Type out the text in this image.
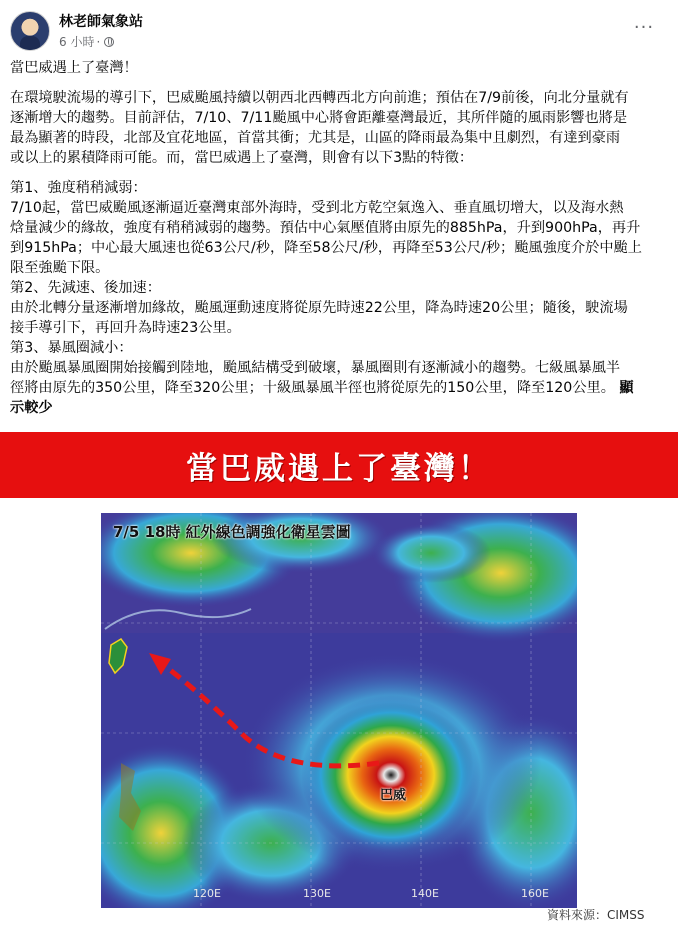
林老師氣象站
6 小時 ·
···

當巴威遇上了臺灣！

在環境駛流場的導引下，巴威颱風持續以朝西北西轉西北方向前進；預估在7/9前後，向北分量就有
逐漸增大的趨勢。目前評估，7/10、7/11颱風中心將會距離臺灣最近，其所伴隨的風雨影響也將是
最為顯著的時段，北部及宜花地區，首當其衝；尤其是，山區的降雨最為集中且劇烈，有達到豪雨
或以上的累積降雨可能。而，當巴威遇上了臺灣，則會有以下3點的特徵：

第1、強度稍稍減弱：
7/10起，當巴威颱風逐漸逼近臺灣東部外海時，受到北方乾空氣逸入、垂直風切增大，以及海水熱
焓量減少的緣故，強度有稍稍減弱的趨勢。預估中心氣壓值將由原先的885hPa，升到900hPa，再升
到915hPa；中心最大風速也從63公尺/秒，降至58公尺/秒，再降至53公尺/秒；颱風強度介於中颱上
限至強颱下限。
第2、先減速、後加速：
由於北轉分量逐漸增加緣故，颱風運動速度將從原先時速22公里，降為時速20公里；隨後，駛流場
接手導引下，再回升為時速23公里。
第3、暴風圈減小：
由於颱風暴風圈開始接觸到陸地，颱風結構受到破壞，暴風圈則有逐漸減小的趨勢。七級風暴風半
徑將由原先的350公里，降至320公里；十級風暴風半徑也將從原先的150公里，降至120公里。 顯
示較少

當巴威遇上了臺灣！
7/5 18時 紅外線色調強化衛星雲圖
巴威
120E	130E	140E	160E
資料來源：CIMSS
